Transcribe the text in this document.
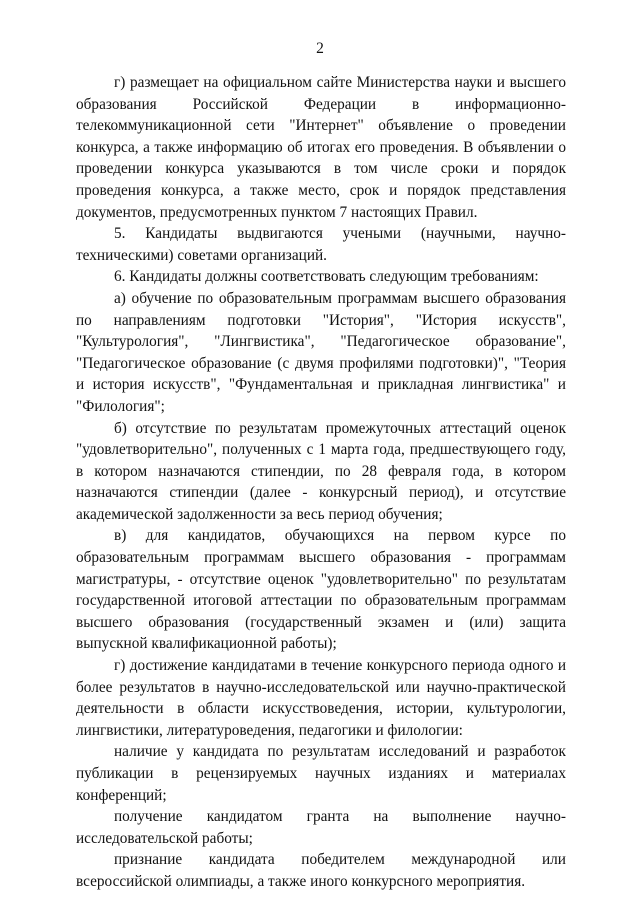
2

г) размещает на официальном сайте Министерства науки и высшего образования Российской Федерации в информационно-телекоммуникационной сети "Интернет" объявление о проведении конкурса, а также информацию об итогах его проведения. В объявлении о проведении конкурса указываются в том числе сроки и порядок проведения конкурса, а также место, срок и порядок представления документов, предусмотренных пунктом 7 настоящих Правил.

5. Кандидаты выдвигаются учеными (научными, научно-техническими) советами организаций.

6. Кандидаты должны соответствовать следующим требованиям:

а) обучение по образовательным программам высшего образования по направлениям подготовки "История", "История искусств", "Культурология", "Лингвистика", "Педагогическое образование", "Педагогическое образование (с двумя профилями подготовки)", "Теория и история искусств", "Фундаментальная и прикладная лингвистика" и "Филология";

б) отсутствие по результатам промежуточных аттестаций оценок "удовлетворительно", полученных с 1 марта года, предшествующего году, в котором назначаются стипендии, по 28 февраля года, в котором назначаются стипендии (далее - конкурсный период), и отсутствие академической задолженности за весь период обучения;

в) для кандидатов, обучающихся на первом курсе по образовательным программам высшего образования - программам магистратуры, - отсутствие оценок "удовлетворительно" по результатам государственной итоговой аттестации по образовательным программам высшего образования (государственный экзамен и (или) защита выпускной квалификационной работы);

г) достижение кандидатами в течение конкурсного периода одного и более результатов в научно-исследовательской или научно-практической деятельности в области искусствоведения, истории, культурологии, лингвистики, литературоведения, педагогики и филологии:

наличие у кандидата по результатам исследований и разработок публикации в рецензируемых научных изданиях и материалах конференций;

получение кандидатом гранта на выполнение научно-исследовательской работы;

признание кандидата победителем международной или всероссийской олимпиады, а также иного конкурсного мероприятия.
